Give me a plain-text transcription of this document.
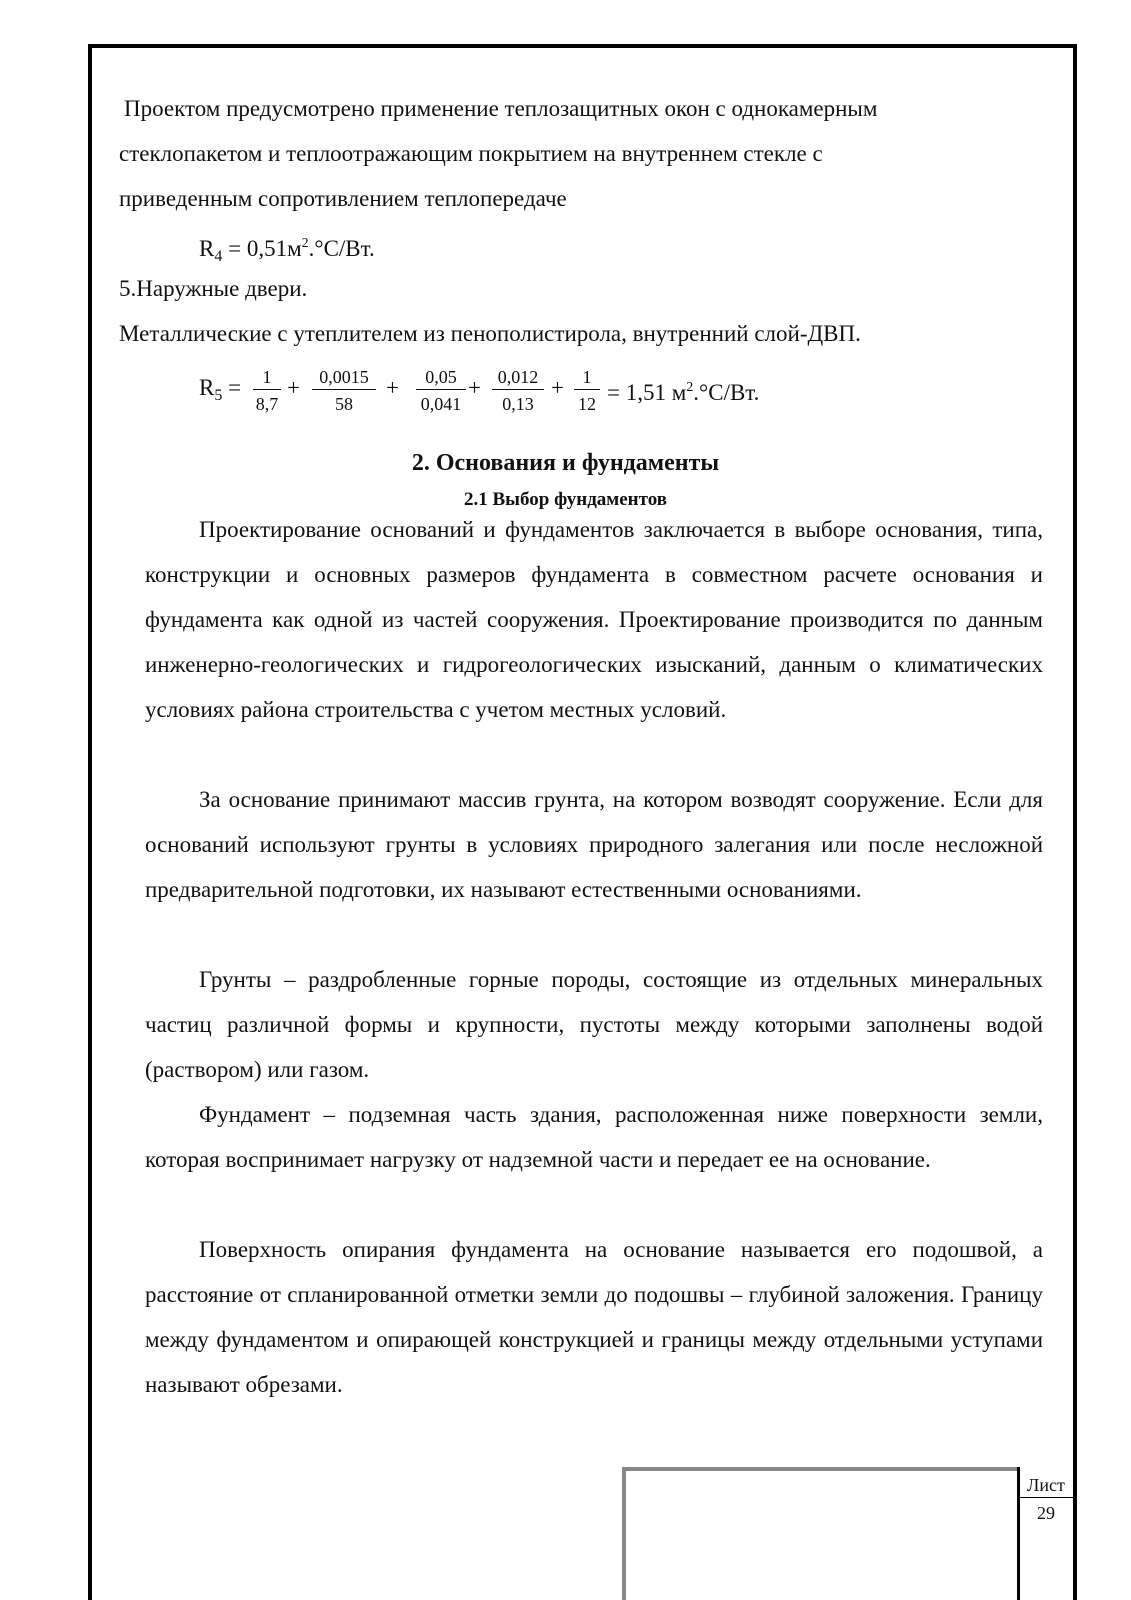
Проектом предусмотрено применение теплозащитных окон с однокамерным
стеклопакетом и теплоотражающим покрытием на внутреннем стекле с
приведенным сопротивлением теплопередаче
$R_4 = 0,51м^2.^\circ С/Вт$.
5.Наружные двери.
Металлические с утеплителем из пенополистирола, внутренний слой-ДВП.
$R_5 = \frac{1}{8,7} + \frac{0,0015}{58} + \frac{0,05}{0,041} + \frac{0,012}{0,13} + \frac{1}{12} = 1,51$ $м^2.^\circ С/Вт$.
2. Основания и фундаменты
2.1 Выбор фундаментов

Проектирование оснований и фундаментов заключается в выборе основания, типа, конструкции и основных размеров фундамента в совместном расчете основания и фундамента как одной из частей сооружения. Проектирование производится по данным инженерно-геологических и гидрогеологических изысканий, данным о климатических условиях района строительства с учетом местных условий.

За основание принимают массив грунта, на котором возводят сооружение. Если для оснований используют грунты в условиях природного залегания или после несложной предварительной подготовки, их называют естественными основаниями.

Грунты – раздробленные горные породы, состоящие из отдельных минеральных частиц различной формы и крупности, пустоты между которыми заполнены водой (раствором) или газом.

Фундамент – подземная часть здания, расположенная ниже поверхности земли, которая воспринимает нагрузку от надземной части и передает ее на основание.

Поверхность опирания фундамента на основание называется его подошвой, а расстояние от спланированной отметки земли до подошвы – глубиной заложения. Границу между фундаментом и опирающей конструкцией и границы между отдельными уступами называют обрезами.

Лист
29
